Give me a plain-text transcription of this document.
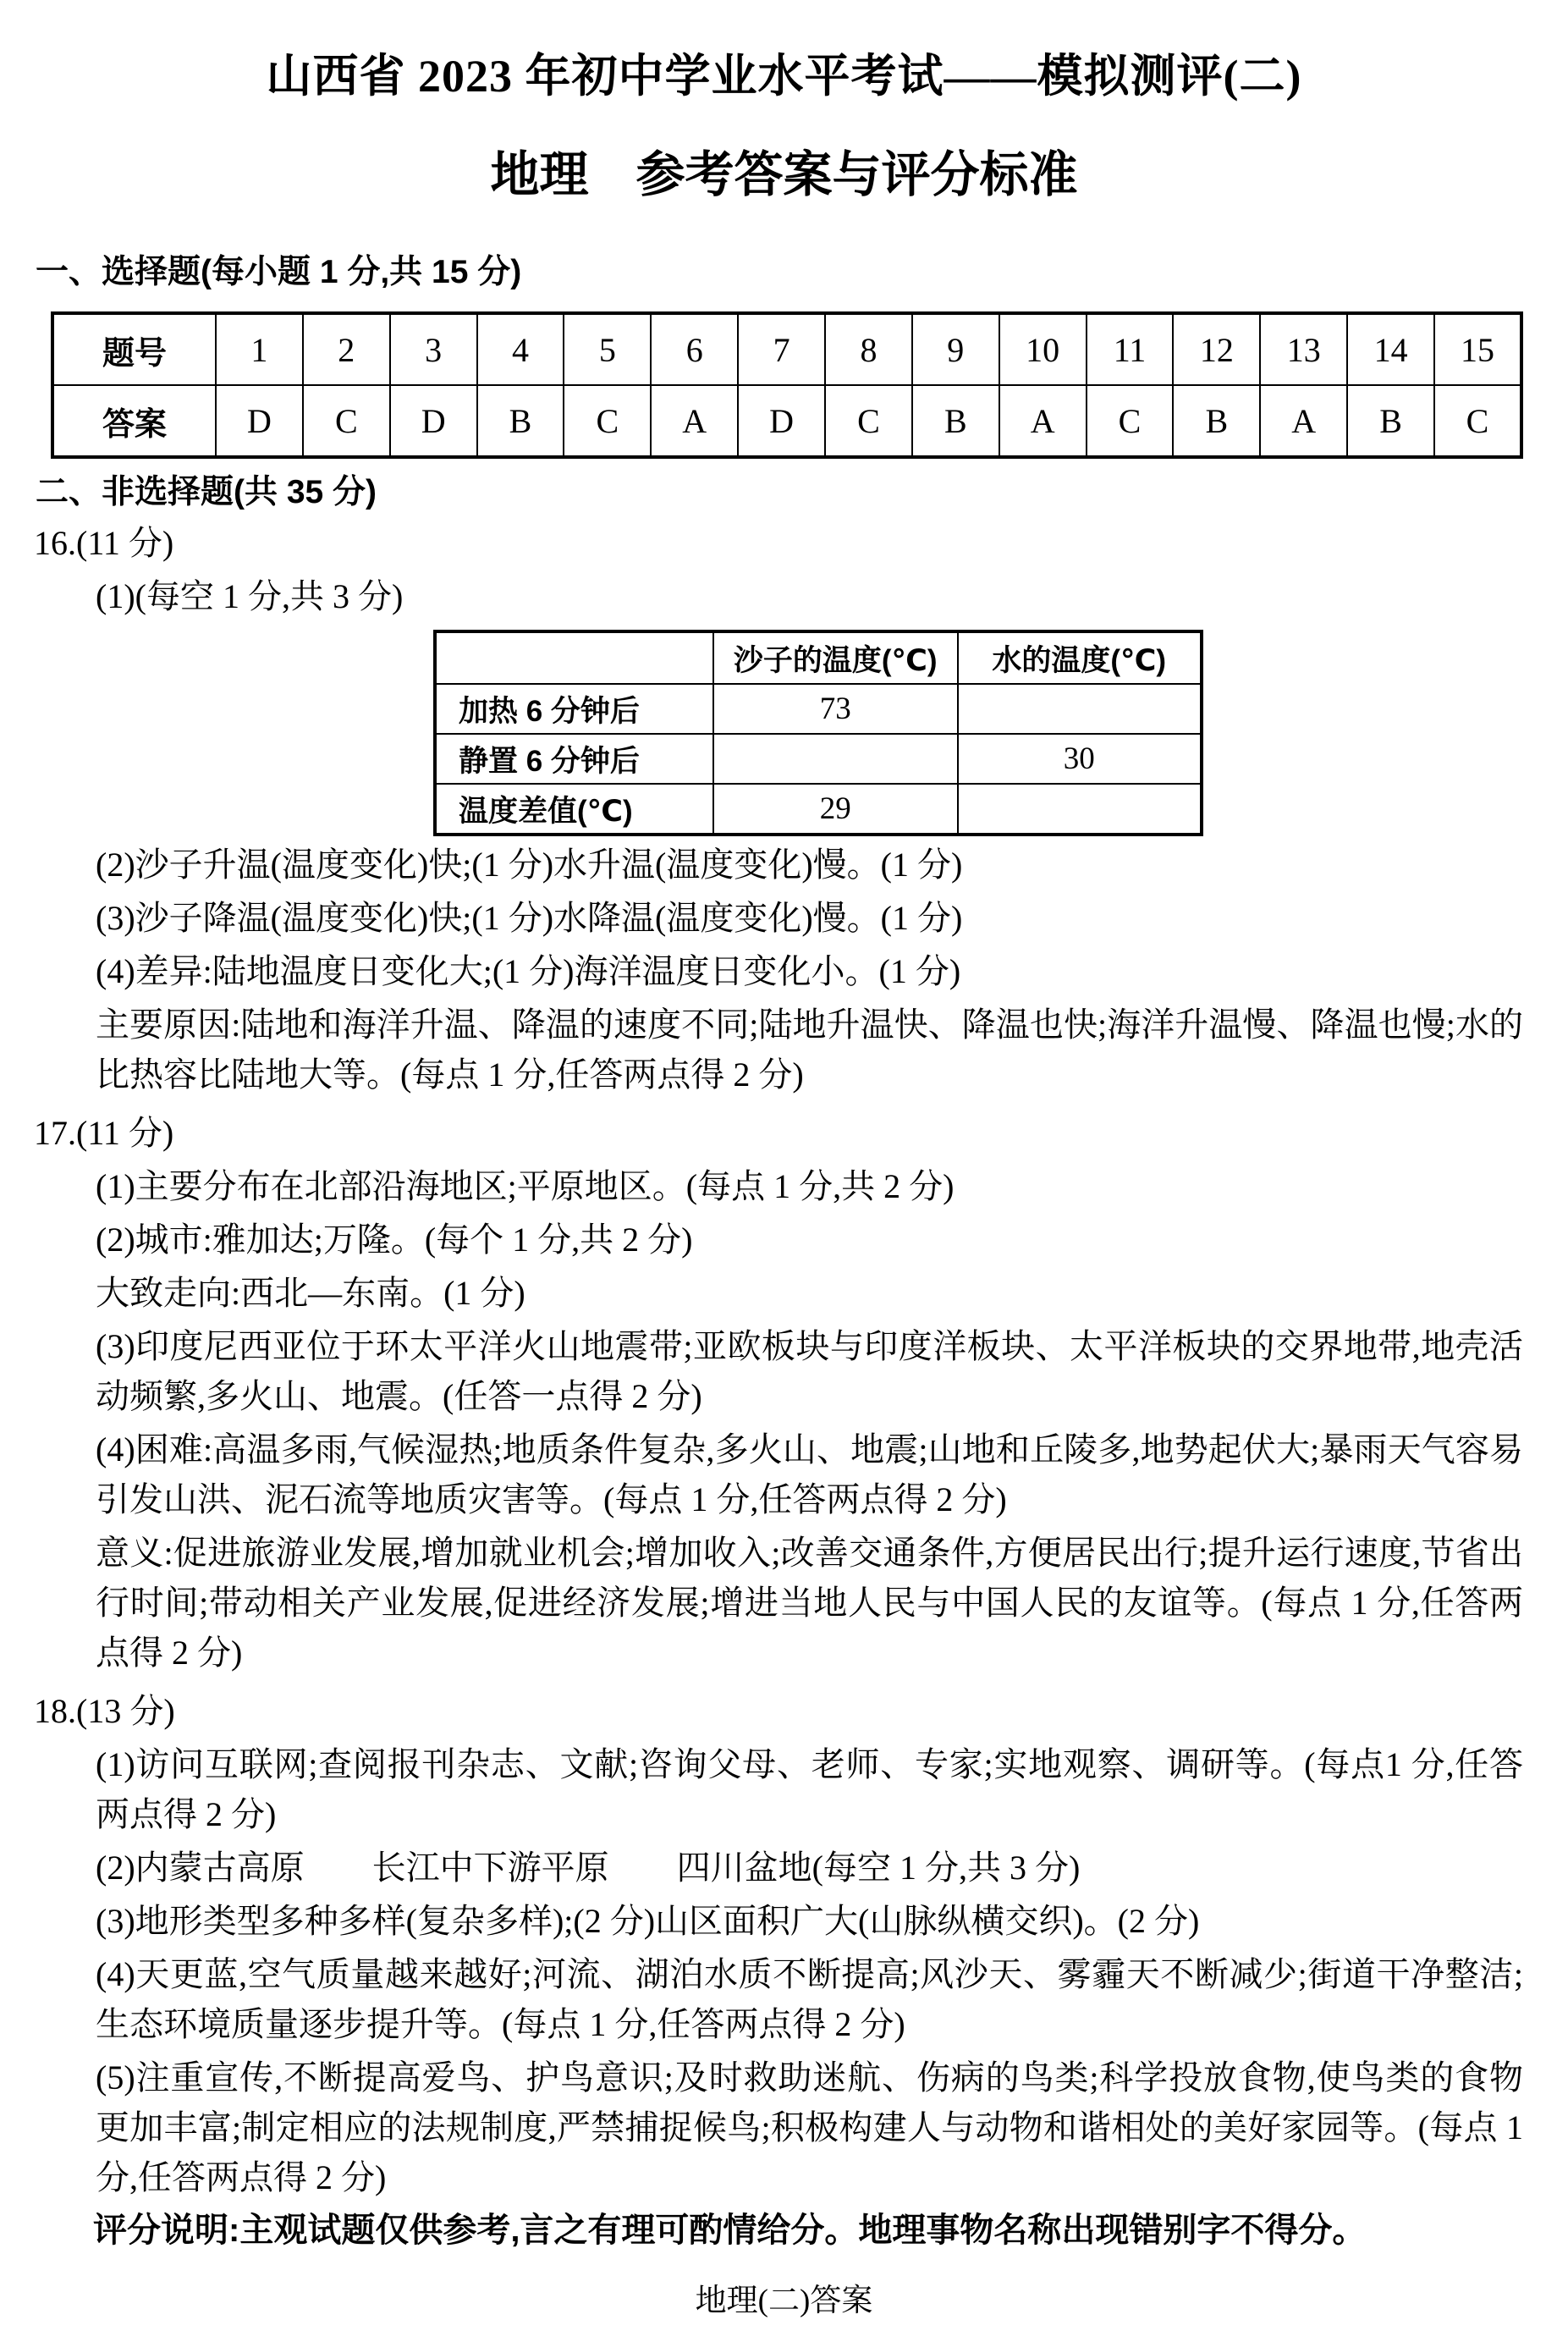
山西省 2023 年初中学业水平考试——模拟测评(二)
地理 参考答案与评分标准
一、选择题(每小题 1 分,共 15 分)
题号	1	2	3	4	5	6	7	8	9	10	11	12	13	14	15
答案	D	C	D	B	C	A	D	C	B	A	C	B	A	B	C
二、非选择题(共 35 分)
16.(11 分)
(1)(每空 1 分,共 3 分)
	沙子的温度(℃)	水的温度(℃)
加热 6 分钟后	73	
静置 6 分钟后		30
温度差值(℃)	29	
(2)沙子升温(温度变化)快;(1 分)水升温(温度变化)慢。(1 分)
(3)沙子降温(温度变化)快;(1 分)水降温(温度变化)慢。(1 分)
(4)差异:陆地温度日变化大;(1 分)海洋温度日变化小。(1 分)
主要原因:陆地和海洋升温、降温的速度不同;陆地升温快、降温也快;海洋升温慢、降温也慢;水的比热容比陆地大等。(每点 1 分,任答两点得 2 分)
17.(11 分)
(1)主要分布在北部沿海地区;平原地区。(每点 1 分,共 2 分)
(2)城市:雅加达;万隆。(每个 1 分,共 2 分)
大致走向:西北—东南。(1 分)
(3)印度尼西亚位于环太平洋火山地震带;亚欧板块与印度洋板块、太平洋板块的交界地带,地壳活动频繁,多火山、地震。(任答一点得 2 分)
(4)困难:高温多雨,气候湿热;地质条件复杂,多火山、地震;山地和丘陵多,地势起伏大;暴雨天气容易引发山洪、泥石流等地质灾害等。(每点 1 分,任答两点得 2 分)
意义:促进旅游业发展,增加就业机会;增加收入;改善交通条件,方便居民出行;提升运行速度,节省出行时间;带动相关产业发展,促进经济发展;增进当地人民与中国人民的友谊等。(每点 1 分,任答两点得 2 分)
18.(13 分)
(1)访问互联网;查阅报刊杂志、文献;咨询父母、老师、专家;实地观察、调研等。(每点1 分,任答两点得 2 分)
(2)内蒙古高原　　长江中下游平原　　四川盆地(每空 1 分,共 3 分)
(3)地形类型多种多样(复杂多样);(2 分)山区面积广大(山脉纵横交织)。(2 分)
(4)天更蓝,空气质量越来越好;河流、湖泊水质不断提高;风沙天、雾霾天不断减少;街道干净整洁;生态环境质量逐步提升等。(每点 1 分,任答两点得 2 分)
(5)注重宣传,不断提高爱鸟、护鸟意识;及时救助迷航、伤病的鸟类;科学投放食物,使鸟类的食物更加丰富;制定相应的法规制度,严禁捕捉候鸟;积极构建人与动物和谐相处的美好家园等。(每点 1 分,任答两点得 2 分)
评分说明:主观试题仅供参考,言之有理可酌情给分。地理事物名称出现错别字不得分。
地理(二)答案
